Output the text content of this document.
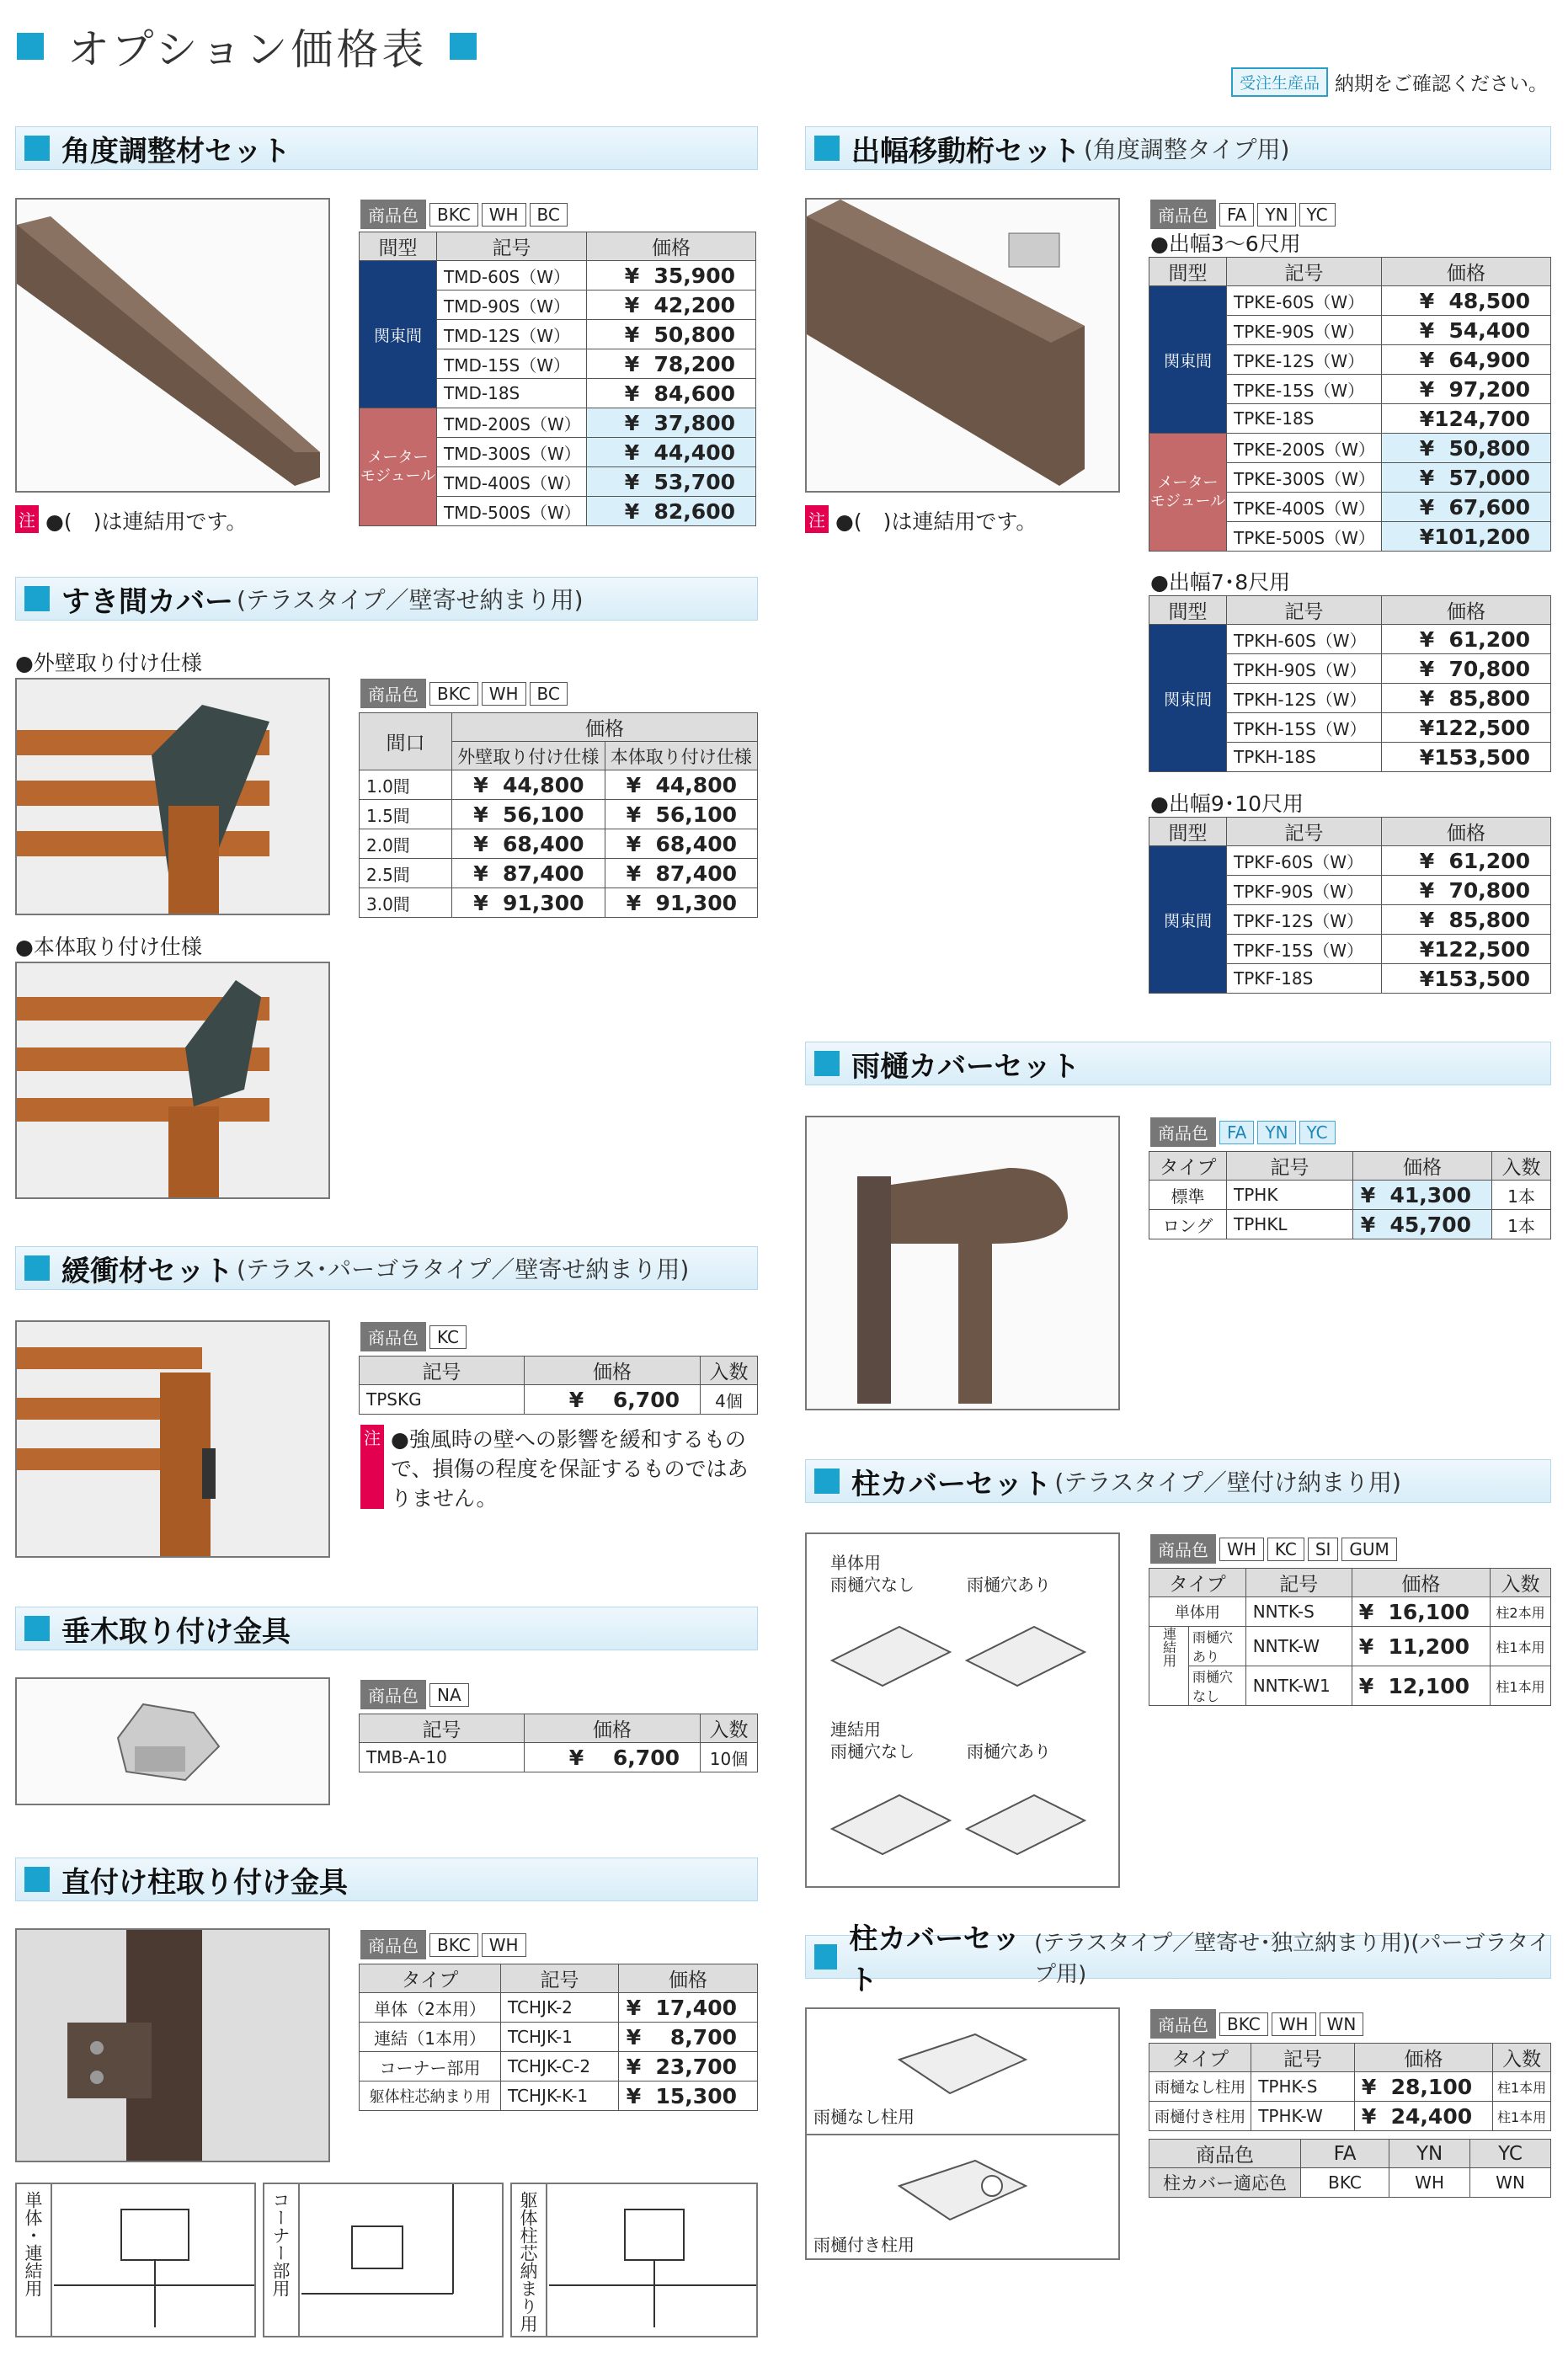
オプション価格表
受注生産品 納期をご確認ください。
角度調整材セット
商品色	BKC	WH	BC
間型	記号	価格
関東間	TMD-60S（W）	¥  35,900
	TMD-90S（W）	¥  42,200
	TMD-12S（W）	¥  50,800
	TMD-15S（W）	¥  78,200
	TMD-18S	¥  84,600
メーター
モジュール	TMD-200S（W）	¥  37,800
	TMD-300S（W）	¥  44,400
	TMD-400S（W）	¥  53,700
	TMD-500S（W）	¥  82,600
注 ●(　)は連結用です。
すき間カバー (テラスタイプ／壁寄せ納まり用)
●外壁取り付け仕様
●本体取り付け仕様
商品色	BKC	WH	BC
間口	価格	
	外壁取り付け仕様	本体取り付け仕様
1.0間	¥  44,800	¥  44,800
1.5間	¥  56,100	¥  56,100
2.0間	¥  68,400	¥  68,400
2.5間	¥  87,400	¥  87,400
3.0間	¥  91,300	¥  91,300
緩衝材セット (テラス･パーゴラタイプ／壁寄せ納まり用)
商品色	KC
記号	価格	入数
TPSKG	¥    6,700	4個
注 ●強風時の壁への影響を緩和するもので、損傷の程度を保証するものではありません。
垂木取り付け金具
商品色	NA
記号	価格	入数
TMB-A-10	¥    6,700	10個
直付け柱取り付け金具
商品色	BKC	WH
タイプ	記号	価格
単体（2本用）	TCHJK-2	¥  17,400
連結（1本用）	TCHJK-1	¥    8,700
コーナー部用	TCHJK-C-2	¥  23,700
躯体柱芯納まり用	TCHJK-K-1	¥  15,300
単体・連結用	コーナー部用	躯体柱芯納まり用
出幅移動桁セット (角度調整タイプ用)
商品色	FA	YN	YC
●出幅3〜6尺用
間型	記号	価格
関東間	TPKE-60S（W）	¥  48,500
	TPKE-90S（W）	¥  54,400
	TPKE-12S（W）	¥  64,900
	TPKE-15S（W）	¥  97,200
	TPKE-18S	¥124,700
メーター
モジュール	TPKE-200S（W）	¥  50,800
	TPKE-300S（W）	¥  57,000
	TPKE-400S（W）	¥  67,600
	TPKE-500S（W）	¥101,200
注 ●(　)は連結用です。
●出幅7･8尺用
間型	記号	価格
関東間	TPKH-60S（W）	¥  61,200
	TPKH-90S（W）	¥  70,800
	TPKH-12S（W）	¥  85,800
	TPKH-15S（W）	¥122,500
	TPKH-18S	¥153,500
●出幅9･10尺用
間型	記号	価格
関東間	TPKF-60S（W）	¥  61,200
	TPKF-90S（W）	¥  70,800
	TPKF-12S（W）	¥  85,800
	TPKF-15S（W）	¥122,500
	TPKF-18S	¥153,500
雨樋カバーセット
商品色	FA	YN	YC
タイプ	記号	価格	入数
標準	TPHK	¥  41,300	1本
ロング	TPHKL	¥  45,700	1本
柱カバーセット (テラスタイプ／壁付け納まり用)
単体用
雨樋穴なし	雨樋穴あり
連結用
雨樋穴なし	雨樋穴あり
商品色	WH	KC	SI	GUM
タイプ		記号	価格	入数
単体用		NNTK-S	¥  16,100	柱2本用
連結用	雨樋穴あり	NNTK-W	¥  11,200	柱1本用
	雨樋穴なし	NNTK-W1	¥  12,100	柱1本用
柱カバーセット
(テラスタイプ／壁寄せ･独立納まり用)(パーゴラタイプ用)
雨樋なし柱用
雨樋付き柱用
商品色	BKC	WH	WN
タイプ	記号	価格	入数
雨樋なし柱用	TPHK-S	¥  28,100	柱1本用
雨樋付き柱用	TPHK-W	¥  24,400	柱1本用
商品色	FA	YN	YC
柱カバー適応色	BKC	WH	WN
